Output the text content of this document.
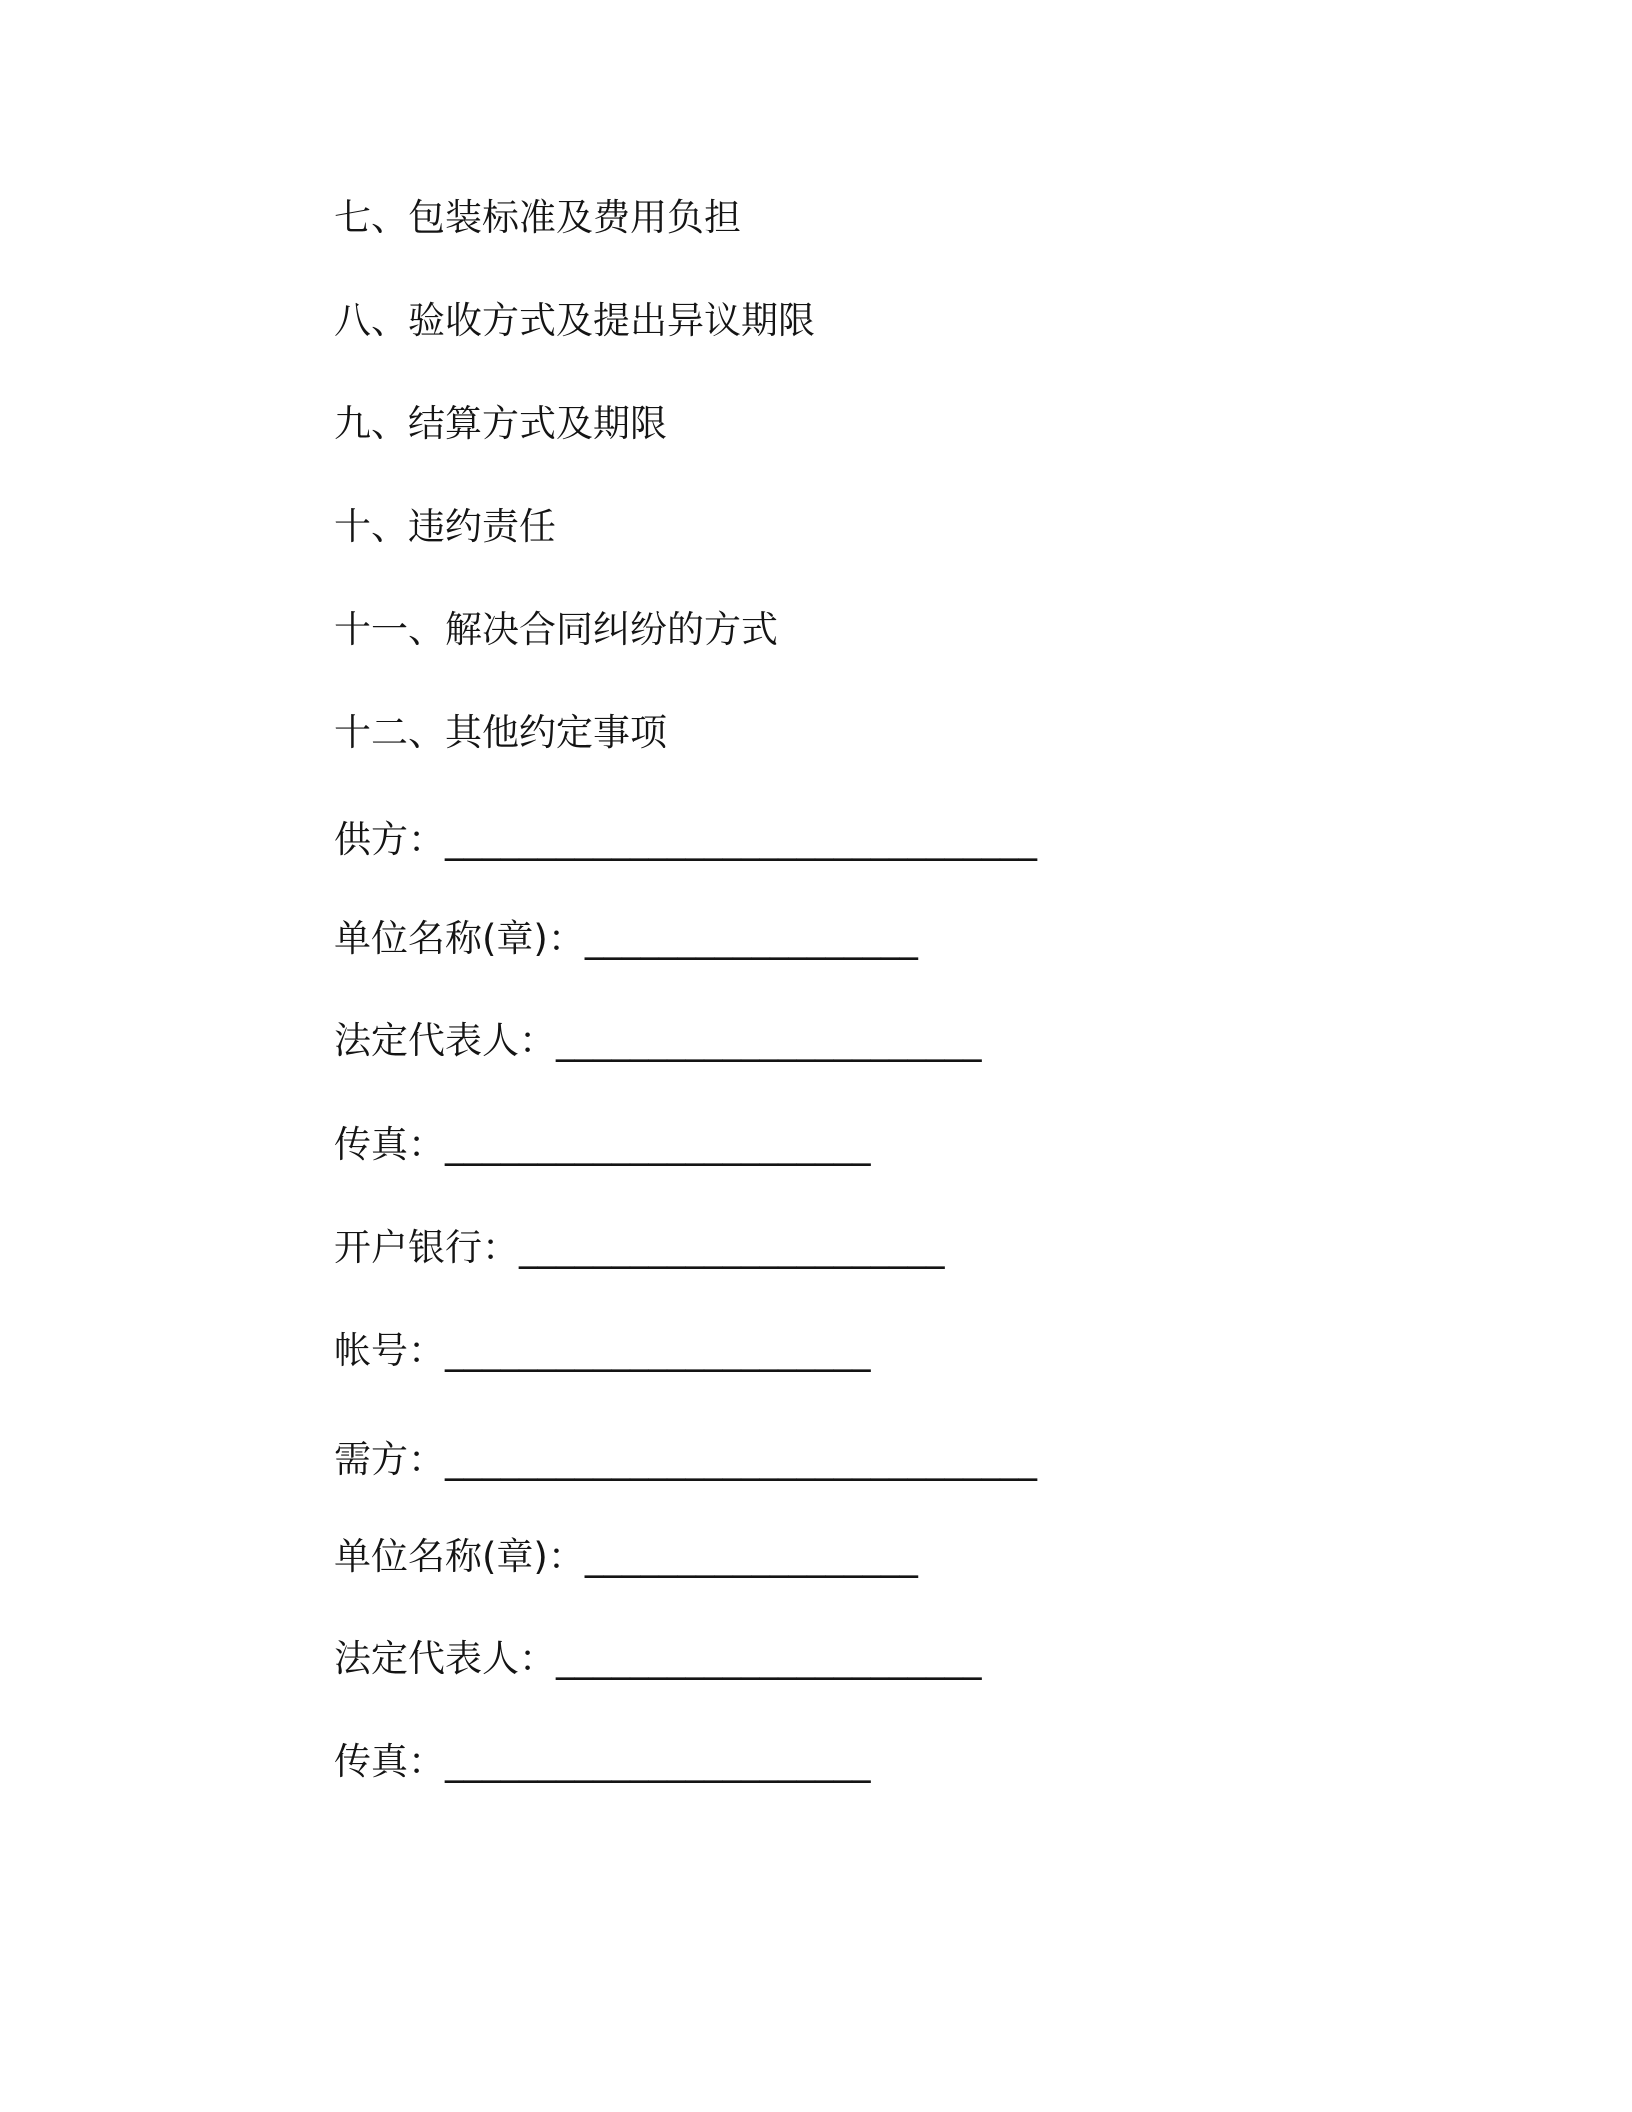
七、包装标准及费用负担
八、验收方式及提出异议期限
九、结算方式及期限
十、违约责任
十一、解决合同纠纷的方式
十二、其他约定事项
供方：________________________________
单位名称(章)：__________________
法定代表人：_______________________
传真：_______________________
开户银行：_______________________
帐号：_______________________
需方：________________________________
单位名称(章)：__________________
法定代表人：_______________________
传真：_______________________
